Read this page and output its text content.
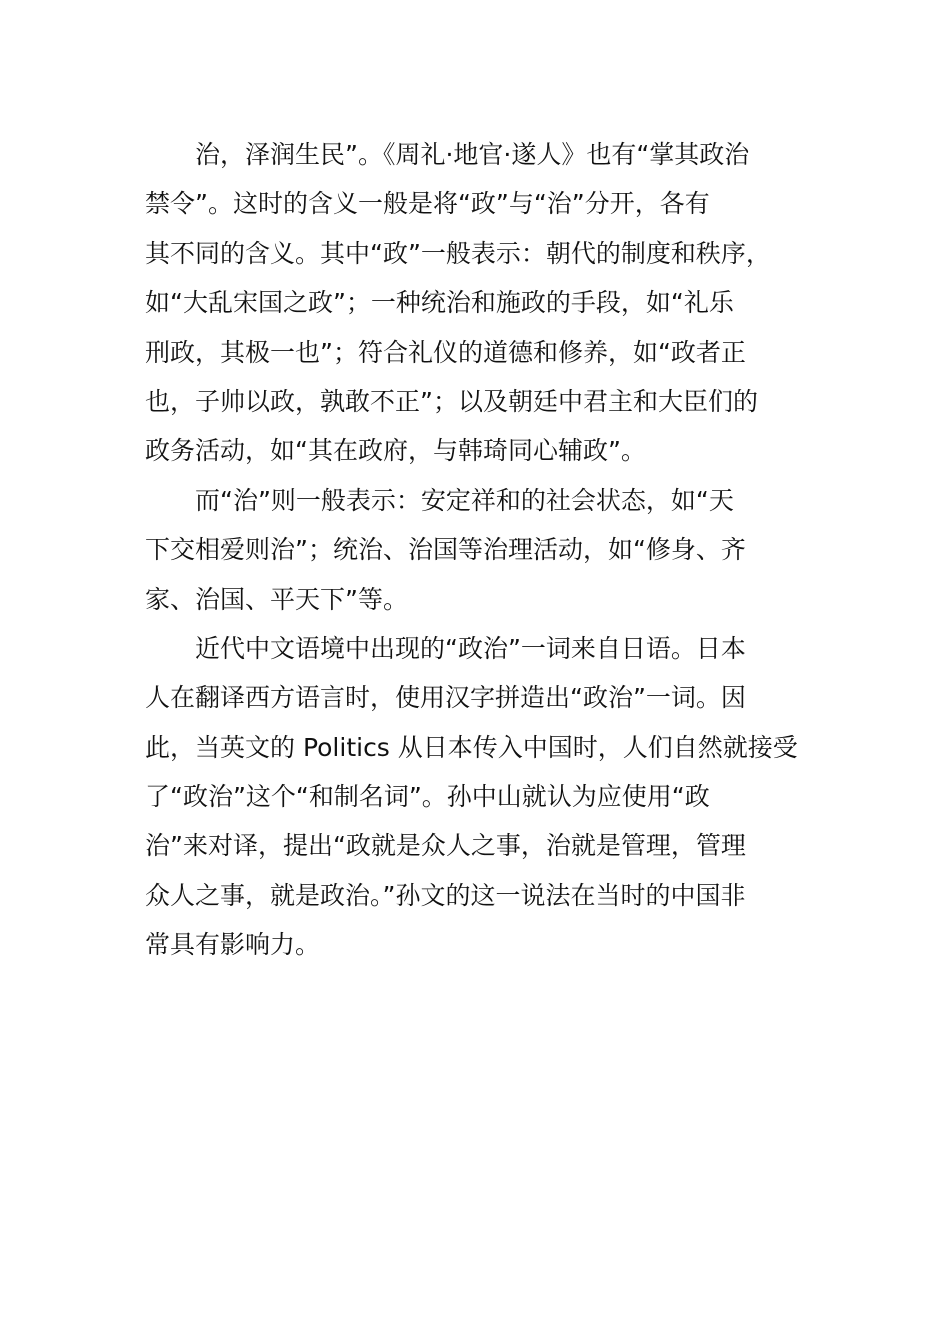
治，泽润生民”。《周礼·地官·遂人》也有“掌其政治
禁令”。这时的含义一般是将“政”与“治”分开，各有
其不同的含义。其中“政”一般表示：朝代的制度和秩序，
如“大乱宋国之政”；一种统治和施政的手段，如“礼乐
刑政，其极一也”；符合礼仪的道德和修养，如“政者正
也，子帅以政，孰敢不正”；以及朝廷中君主和大臣们的
政务活动，如“其在政府，与韩琦同心辅政”。
而“治”则一般表示：安定祥和的社会状态，如“天
下交相爱则治”；统治、治国等治理活动，如“修身、齐
家、治国、平天下”等。
近代中文语境中出现的“政治”一词来自日语。日本
人在翻译西方语言时，使用汉字拼造出“政治”一词。因
此，当英文的 Politics 从日本传入中国时，人们自然就接受
了“政治”这个“和制名词”。孙中山就认为应使用“政
治”来对译，提出“政就是众人之事，治就是管理，管理
众人之事，就是政治。”孙文的这一说法在当时的中国非
常具有影响力。
